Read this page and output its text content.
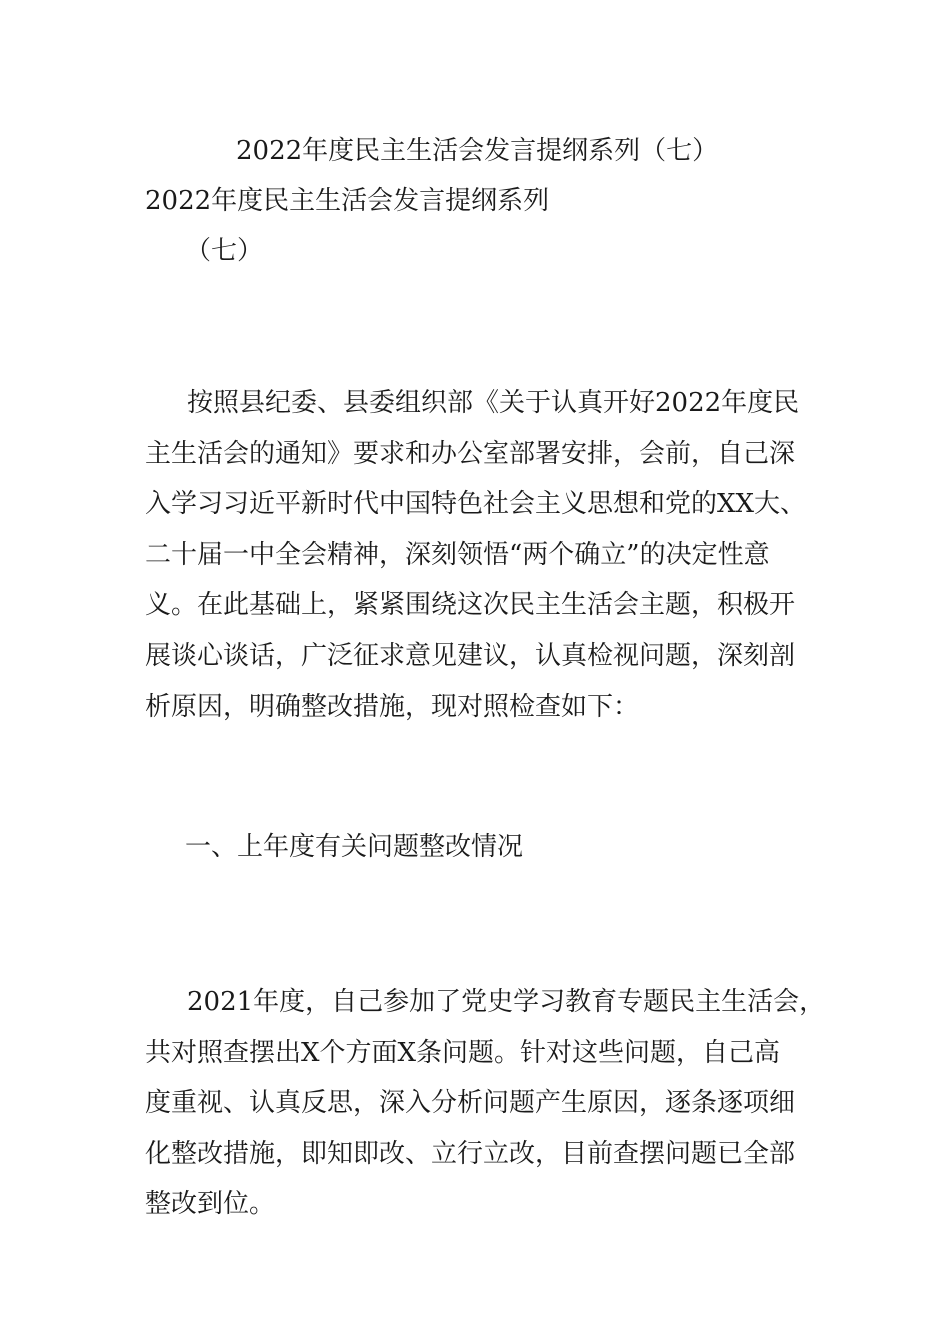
2022年度民主生活会发言提纲系列（七）
2022年度民主生活会发言提纲系列
（七）

按照县纪委、县委组织部《关于认真开好2022年度民
主生活会的通知》要求和办公室部署安排，会前，自己深
入学习习近平新时代中国特色社会主义思想和党的XX大、
二十届一中全会精神，深刻领悟“两个确立”的决定性意
义。在此基础上，紧紧围绕这次民主生活会主题，积极开
展谈心谈话，广泛征求意见建议，认真检视问题，深刻剖
析原因，明确整改措施，现对照检查如下：

一、上年度有关问题整改情况

2021年度，自己参加了党史学习教育专题民主生活会，
共对照查摆出X个方面X条问题。针对这些问题，自己高
度重视、认真反思，深入分析问题产生原因，逐条逐项细
化整改措施，即知即改、立行立改，目前查摆问题已全部
整改到位。
